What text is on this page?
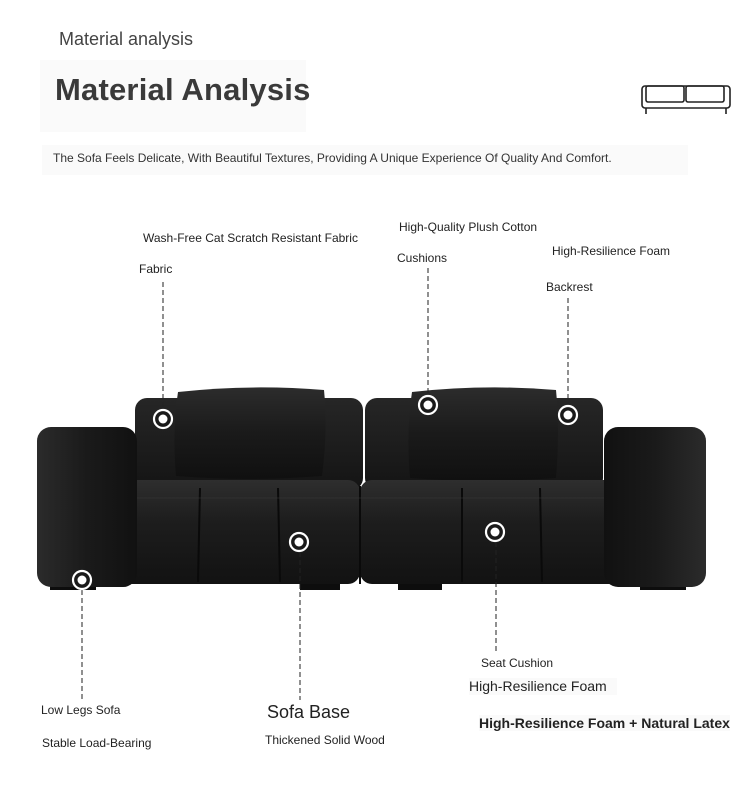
Material analysis
Material Analysis
The Sofa Feels Delicate, With Beautiful Textures, Providing A Unique Experience Of Quality And Comfort.
Wash-Free Cat Scratch Resistant Fabric
Fabric
High-Quality Plush Cotton
Cushions	High-Resilience Foam
Backrest
Low Legs Sofa
Stable Load-Bearing
Sofa Base
Thickened Solid Wood
Seat Cushion
High-Resilience Foam
High-Resilience Foam + Natural Latex
